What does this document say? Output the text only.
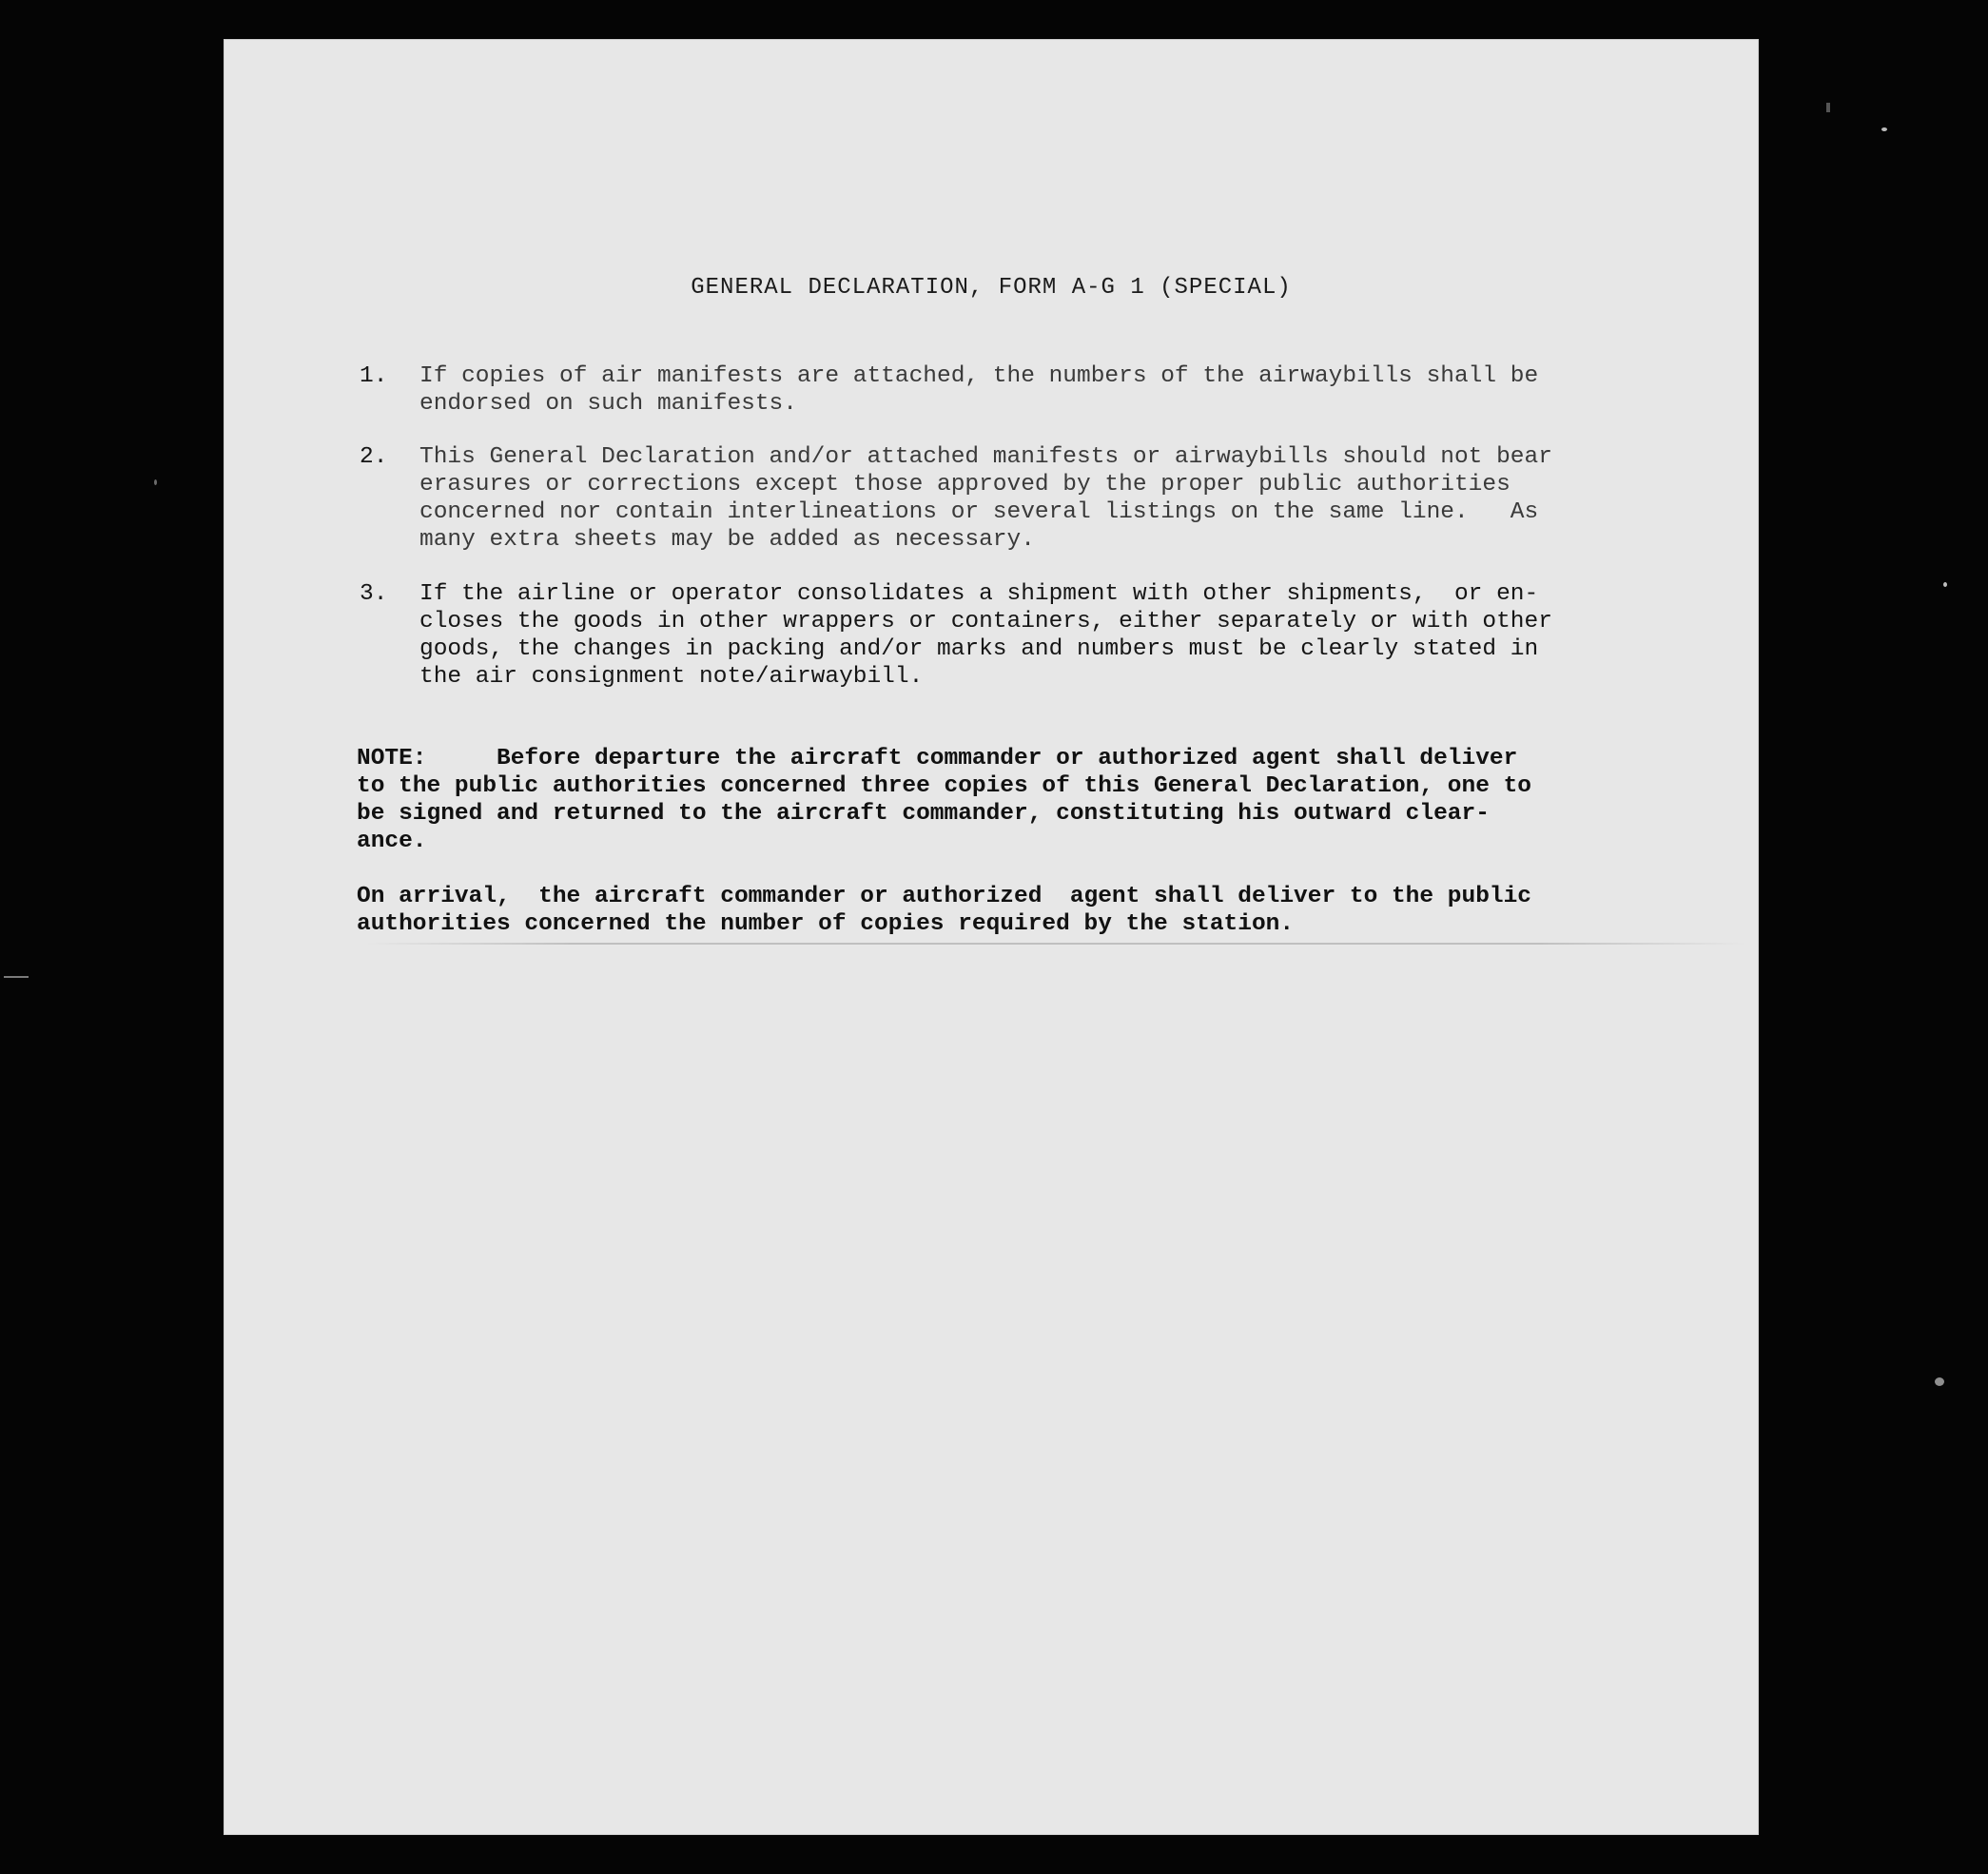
GENERAL DECLARATION, FORM A-G 1 (SPECIAL)
1. If copies of air manifests are attached, the numbers of the airwaybills shall be
endorsed on such manifests.
2. This General Declaration and/or attached manifests or airwaybills should not bear
erasures or corrections except those approved by the proper public authorities
concerned nor contain interlineations or several listings on the same line.   As
many extra sheets may be added as necessary.
3. If the airline or operator consolidates a shipment with other shipments,  or en-
closes the goods in other wrappers or containers, either separately or with other
goods, the changes in packing and/or marks and numbers must be clearly stated in
the air consignment note/airwaybill.
NOTE:     Before departure the aircraft commander or authorized agent shall deliver
to the public authorities concerned three copies of this General Declaration, one to
be signed and returned to the aircraft commander, constituting his outward clear-
ance.
On arrival,  the aircraft commander or authorized  agent shall deliver to the public
authorities concerned the number of copies required by the station.
